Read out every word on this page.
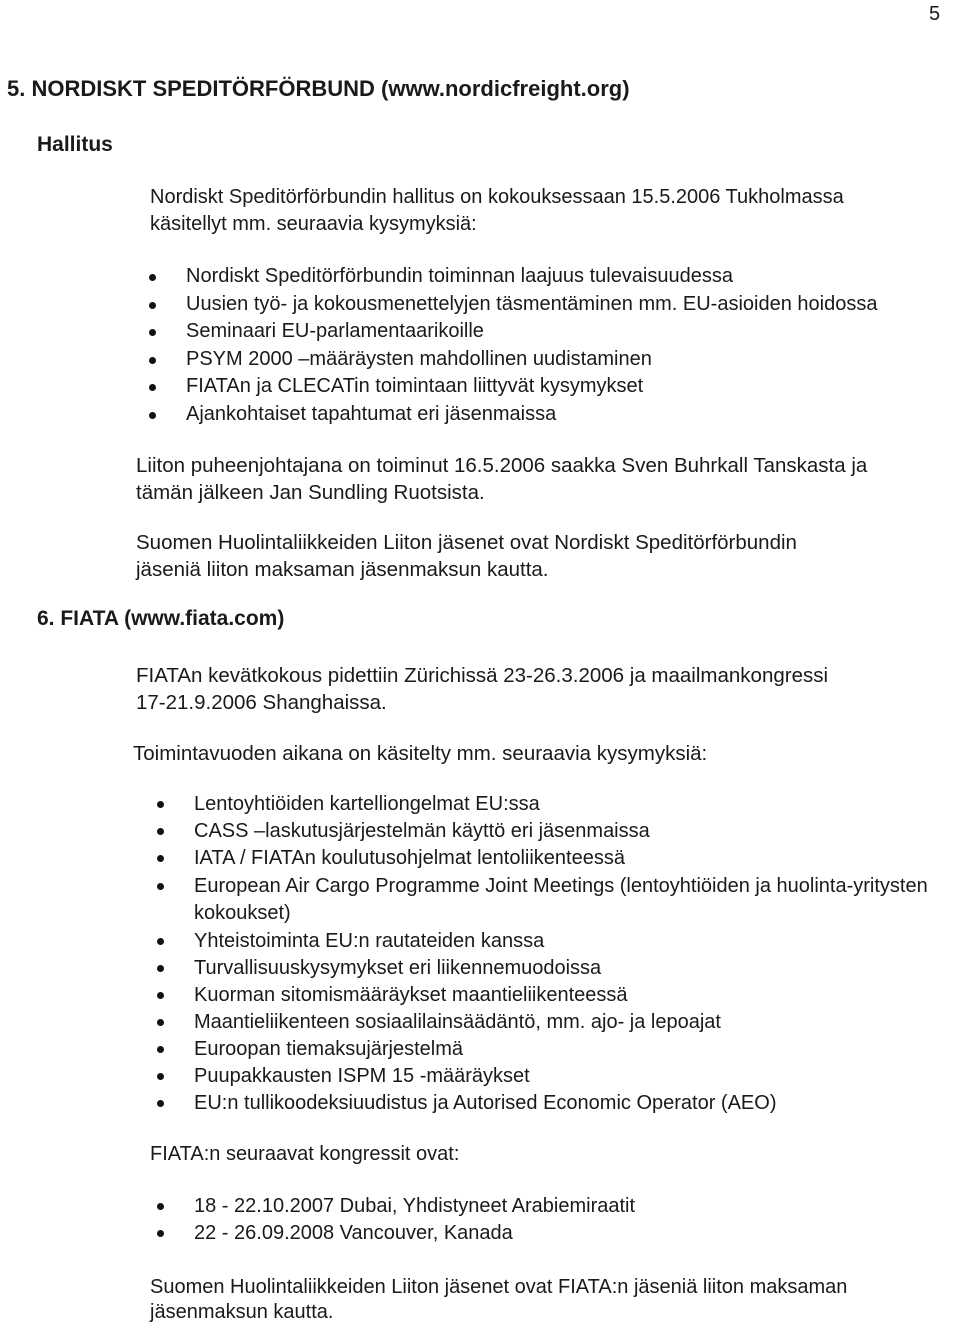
5
5. NORDISKT SPEDITÖRFÖRBUND (www.nordicfreight.org)
Hallitus
Nordiskt Speditörförbundin hallitus on kokouksessaan 15.5.2006 Tukholmassa
käsitellyt mm. seuraavia kysymyksiä:
Nordiskt Speditörförbundin toiminnan laajuus tulevaisuudessa
Uusien työ- ja kokousmenettelyjen täsmentäminen mm. EU-asioiden hoidossa
Seminaari EU-parlamentaarikoille
PSYM 2000 –määräysten mahdollinen uudistaminen
FIATAn ja CLECATin toimintaan liittyvät kysymykset
Ajankohtaiset tapahtumat eri jäsenmaissa
Liiton puheenjohtajana on toiminut 16.5.2006 saakka Sven Buhrkall Tanskasta ja
tämän jälkeen Jan Sundling Ruotsista.
Suomen Huolintaliikkeiden Liiton jäsenet ovat Nordiskt Speditörförbundin
jäseniä liiton maksaman jäsenmaksun kautta.
6. FIATA (www.fiata.com)
FIATAn kevätkokous pidettiin Zürichissä 23-26.3.2006 ja maailmankongressi
17-21.9.2006 Shanghaissa.
Toimintavuoden aikana on käsitelty mm. seuraavia kysymyksiä:
Lentoyhtiöiden kartelliongelmat EU:ssa
CASS –laskutusjärjestelmän käyttö eri jäsenmaissa
IATA / FIATAn koulutusohjelmat lentoliikenteessä
European Air Cargo Programme Joint Meetings (lentoyhtiöiden ja huolinta-yritysten kokoukset)
Yhteistoiminta EU:n rautateiden kanssa
Turvallisuuskysymykset eri liikennemuodoissa
Kuorman sitomismääräykset maantieliikenteessä
Maantieliikenteen sosiaalilainsäädäntö, mm. ajo- ja lepoajat
Euroopan tiemaksujärjestelmä
Puupakkausten ISPM 15 -määräykset
EU:n tullikoodeksiuudistus ja Autorised Economic Operator (AEO)
FIATA:n seuraavat kongressit ovat:
18 - 22.10.2007 Dubai, Yhdistyneet Arabiemiraatit
22 - 26.09.2008 Vancouver, Kanada
Suomen Huolintaliikkeiden Liiton jäsenet ovat FIATA:n jäseniä liiton maksaman
jäsenmaksun kautta.
